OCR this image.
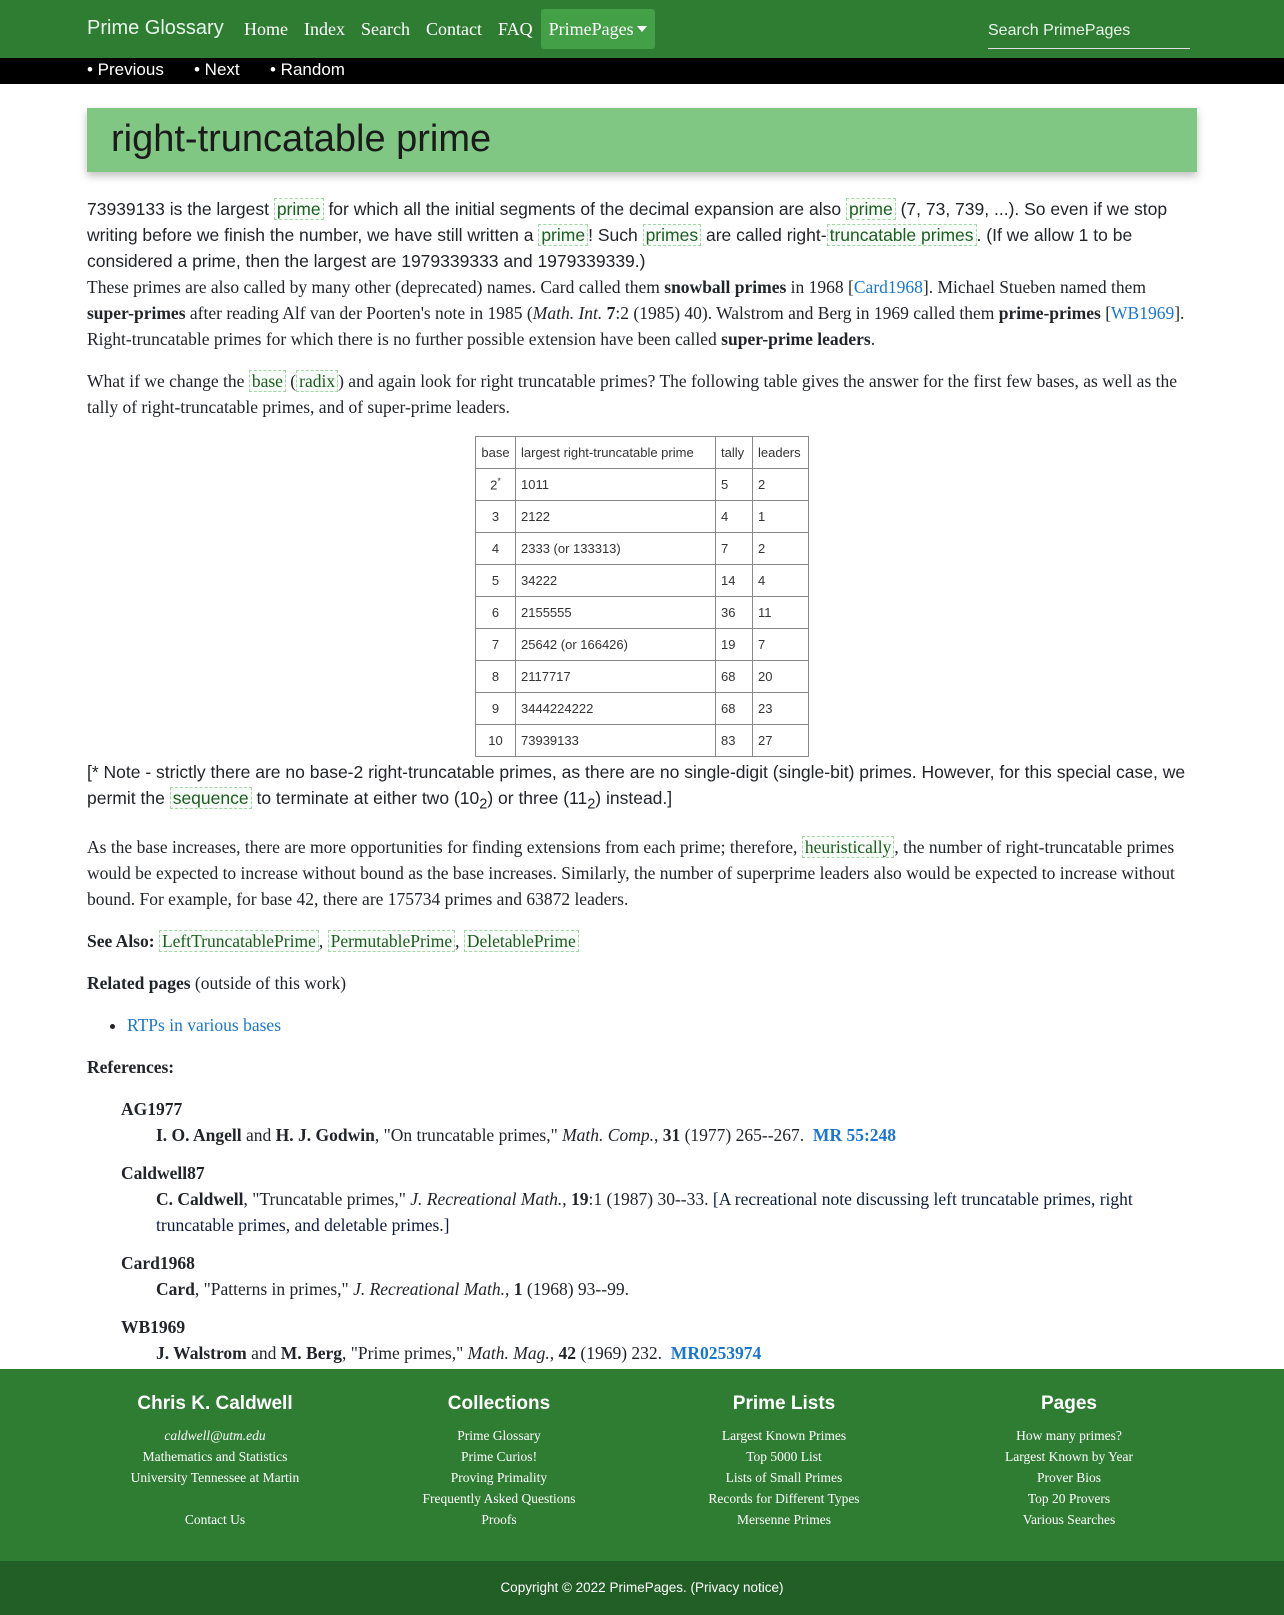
Prime Glossary	Home Index Search Contact FAQ PrimePages
Search PrimePages
• Previous • Next • Random
right-truncatable prime

73939133 is the largest prime for which all the initial segments of the decimal expansion are also prime (7, 73, 739, ...). So even if we stop writing before we finish the number, we have still written a prime ! Such primes are called right- truncatable primes . (If we allow 1 to be considered a prime, then the largest are 1979339333 and 1979339339.)

These primes are also called by many other (deprecated) names. Card called them snowball primes in 1968 [Card1968]. Michael Stueben named them super-primes after reading Alf van der Poorten's note in 1985 (Math. Int. 7:2 (1985) 40). Walstrom and Berg in 1969 called them prime-primes [WB1969]. Right-truncatable primes for which there is no further possible extension have been called super-prime leaders.

What if we change the base ( radix ) and again look for right truncatable primes? The following table gives the answer for the first few bases, as well as the tally of right-truncatable primes, and of super-prime leaders.

base	largest right-truncatable prime	tally	leaders
2*	1011	5	2
3	2122	4	1
4	2333 (or 133313)	7	2
5	34222	14	4
6	2155555	36	11
7	25642 (or 166426)	19	7
8	2117717	68	20
9	3444224222	68	23
10	73939133	83	27

[* Note - strictly there are no base-2 right-truncatable primes, as there are no single-digit (single-bit) primes. However, for this special case, we permit the sequence to terminate at either two $(10_2)$ or three $(11_2)$ instead.]

As the base increases, there are more opportunities for finding extensions from each prime; therefore, heuristically , the number of right-truncatable primes would be expected to increase without bound as the base increases. Similarly, the number of superprime leaders also would be expected to increase without bound. For example, for base 42, there are 175734 primes and 63872 leaders.

See Also: LeftTruncatablePrime , PermutablePrime , DeletablePrime

Related pages (outside of this work)

• RTPs in various bases

References:

AG1977
I. O. Angell and H. J. Godwin, "On truncatable primes," Math. Comp., 31 (1977) 265--267. MR 55:248
Caldwell87
C. Caldwell, "Truncatable primes," J. Recreational Math., 19:1 (1987) 30--33. [A recreational note discussing left truncatable primes, right truncatable primes, and deletable primes.]
Card1968
Card, "Patterns in primes," J. Recreational Math., 1 (1968) 93--99.
WB1969
J. Walstrom and M. Berg, "Prime primes," Math. Mag., 42 (1969) 232. MR0253974
Chris K. Caldwell
caldwell@utm.edu
Mathematics and Statistics
University Tennessee at Martin
Contact Us
Collections
Prime Glossary
Prime Curios!
Proving Primality
Frequently Asked Questions
Proofs
Prime Lists
Largest Known Primes
Top 5000 List
Lists of Small Primes
Records for Different Types
Mersenne Primes
Pages
How many primes?
Largest Known by Year
Prover Bios
Top 20 Provers
Various Searches
Copyright © 2022 PrimePages. (Privacy notice)
